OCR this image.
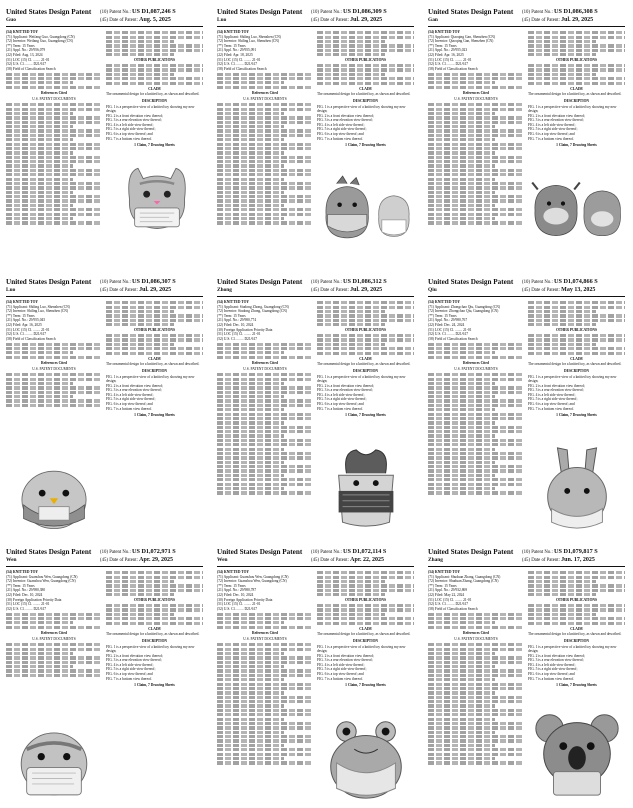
United States Design Patent
Guo
(10) Patent No.: US D1,087,246 S
(45) Date of Patent: Aug. 5, 2025
(54) KNITTED TOY
(71) Applicant: Weifang Guo, Guangdong (CN)
(72) Inventor: Weifang Guo, Guangdong (CN)
(**) Term: 15 Years
(21) Appl. No.: 29/956,079
(22) Filed: Aug. 13, 2024
(51) LOC (15) Cl. ........ 21-01
(52) U.S. Cl. ........ D21/617
(58) Field of Classification Search
References Cited
U.S. PATENT DOCUMENTS
OTHER PUBLICATIONS
CLAIM
The ornamental design for a knitted toy, as shown and described.
DESCRIPTION
FIG. 1 is a perspective view of a knitted toy showing my new design;
FIG. 2 is a front elevation view thereof;
FIG. 3 is a rear elevation view thereof;
FIG. 4 is a left side view thereof;
FIG. 5 is a right side view thereof;
FIG. 6 is a top view thereof; and
FIG. 7 is a bottom view thereof.
1 Claim, 7 Drawing Sheets
United States Design Patent
Luo
(10) Patent No.: US D1,086,309 S
(45) Date of Patent: Jul. 29, 2025
(54) KNITTED TOY
(71) Applicant: Shiling Luo, Shenzhen (CN)
(72) Inventor: Shiling Luo, Shenzhen (CN)
(**) Term: 15 Years
(21) Appl. No.: 29/955,091
(22) Filed: Apr. 18, 2025
(51) LOC (15) Cl. ........ 21-01
(52) U.S. Cl. ........ D21/617
(58) Field of Classification Search
References Cited
U.S. PATENT DOCUMENTS
OTHER PUBLICATIONS
CLAIM
The ornamental design for a knitted toy, as shown and described.
DESCRIPTION
FIG. 1 is a perspective view of a knitted toy showing my new design;
FIG. 2 is a front elevation view thereof;
FIG. 3 is a rear elevation view thereof;
FIG. 4 is a left side view thereof;
FIG. 5 is a right side view thereof;
FIG. 6 is a top view thereof; and
FIG. 7 is a bottom view thereof.
1 Claim, 7 Drawing Sheets
United States Design Patent
Gan
(10) Patent No.: US D1,086,308 S
(45) Date of Patent: Jul. 29, 2025
(54) KNITTED TOY
(71) Applicant: Qiaoqing Gan, Shenzhen (CN)
(72) Inventor: Qiaoqing Gan, Shenzhen (CN)
(**) Term: 15 Years
(21) Appl. No.: 29/955,023
(22) Filed: Apr. 16, 2025
(51) LOC (15) Cl. ........ 21-01
(52) U.S. Cl. ........ D21/617
(58) Field of Classification Search
References Cited
U.S. PATENT DOCUMENTS
OTHER PUBLICATIONS
CLAIM
The ornamental design for a knitted toy, as shown and described.
DESCRIPTION
FIG. 1 is a perspective view of a knitted toy showing my new design;
FIG. 2 is a front elevation view thereof;
FIG. 3 is a rear elevation view thereof;
FIG. 4 is a left side view thereof;
FIG. 5 is a right side view thereof;
FIG. 6 is a top view thereof; and
FIG. 7 is a bottom view thereof.
1 Claim, 7 Drawing Sheets
United States Design Patent
Luo
(10) Patent No.: US D1,086,307 S
(45) Date of Patent: Jul. 29, 2025
(54) KNITTED TOY
(71) Applicant: Shiling Luo, Shenzhen (CN)
(72) Inventor: Shiling Luo, Shenzhen (CN)
(**) Term: 15 Years
(21) Appl. No.: 29/955,045
(22) Filed: Apr. 16, 2025
(51) LOC (15) Cl. ........ 21-01
(52) U.S. Cl. ........ D21/617
(58) Field of Classification Search
References Cited
U.S. PATENT DOCUMENTS
OTHER PUBLICATIONS
CLAIM
The ornamental design for a knitted toy, as shown and described.
DESCRIPTION
FIG. 1 is a perspective view of a knitted toy showing my new design;
FIG. 2 is a front elevation view thereof;
FIG. 3 is a rear elevation view thereof;
FIG. 4 is a left side view thereof;
FIG. 5 is a right side view thereof;
FIG. 6 is a top view thereof; and
FIG. 7 is a bottom view thereof.
1 Claim, 7 Drawing Sheets
United States Design Patent
Zhong
(10) Patent No.: US D1,086,312 S
(45) Date of Patent: Jul. 29, 2025
(54) KNITTED TOY
(71) Applicant: Siudong Zhong, Guangdong (CN)
(72) Inventor: Siudong Zhong, Guangdong (CN)
(**) Term: 15 Years
(21) Appl. No.: 29/980,774
(22) Filed: Dec. 10, 2024
(30) Foreign Application Priority Data
(51) LOC (15) Cl. ........ 21-01
(52) U.S. Cl. ........ D21/617
References Cited
U.S. PATENT DOCUMENTS
OTHER PUBLICATIONS
CLAIM
The ornamental design for a knitted toy, as shown and described.
DESCRIPTION
FIG. 1 is a perspective view of a knitted toy showing my new design;
FIG. 2 is a front elevation view thereof;
FIG. 3 is a rear elevation view thereof;
FIG. 4 is a left side view thereof;
FIG. 5 is a right side view thereof;
FIG. 6 is a top view thereof; and
FIG. 7 is a bottom view thereof.
1 Claim, 7 Drawing Sheets
United States Design Patent
Qiu
(10) Patent No.: US D1,074,866 S
(45) Date of Patent: May 13, 2025
(54) KNITTED TOY
(71) Applicant: Zhongchao Qiu, Guangdong (CN)
(72) Inventor: Zhongchao Qiu, Guangdong (CN)
(**) Term: 15 Years
(21) Appl. No.: 29/980,767
(22) Filed: Dec. 24, 2024
(51) LOC (15) Cl. ........ 21-01
(52) U.S. Cl. ........ D21/617
(58) Field of Classification Search
References Cited
U.S. PATENT DOCUMENTS
OTHER PUBLICATIONS
CLAIM
The ornamental design for a knitted toy, as shown and described.
DESCRIPTION
FIG. 1 is a perspective view of a knitted toy showing my new design;
FIG. 2 is a front elevation view thereof;
FIG. 3 is a rear elevation view thereof;
FIG. 4 is a left side view thereof;
FIG. 5 is a right side view thereof;
FIG. 6 is a top view thereof; and
FIG. 7 is a bottom view thereof.
1 Claim, 7 Drawing Sheets
United States Design Patent
Wen
(10) Patent No.: US D1,072,971 S
(45) Date of Patent: Apr. 29, 2025
(54) KNITTED TOY
(71) Applicant: Guanshou Wen, Guangdong (CN)
(72) Inventor: Guanshou Wen, Guangdong (CN)
(**) Term: 15 Years
(21) Appl. No.: 29/980,380
(22) Filed: Dec. 10, 2024
(30) Foreign Application Priority Data
(51) LOC (15) Cl. ........ 21-01
(52) U.S. Cl. ........ D21/617
References Cited
U.S. PATENT DOCUMENTS
OTHER PUBLICATIONS
CLAIM
The ornamental design for a knitted toy, as shown and described.
DESCRIPTION
FIG. 1 is a perspective view of a knitted toy showing my new design;
FIG. 2 is a front elevation view thereof;
FIG. 3 is a rear elevation view thereof;
FIG. 4 is a left side view thereof;
FIG. 5 is a right side view thereof;
FIG. 6 is a top view thereof; and
FIG. 7 is a bottom view thereof.
1 Claim, 7 Drawing Sheets
United States Design Patent
Wen
(10) Patent No.: US D1,072,114 S
(45) Date of Patent: Apr. 22, 2025
(54) KNITTED TOY
(71) Applicant: Guanshou Wen, Guangdong (CN)
(72) Inventor: Guanshou Wen, Guangdong (CN)
(**) Term: 15 Years
(21) Appl. No.: 29/980,787
(22) Filed: Dec. 10, 2024
(30) Foreign Application Priority Data
(51) LOC (15) Cl. ........ 21-01
(52) U.S. Cl. ........ D21/617
References Cited
U.S. PATENT DOCUMENTS
OTHER PUBLICATIONS
CLAIM
The ornamental design for a knitted toy, as shown and described.
DESCRIPTION
FIG. 1 is a perspective view of a knitted toy showing my new design;
FIG. 2 is a front elevation view thereof;
FIG. 3 is a rear elevation view thereof;
FIG. 4 is a left side view thereof;
FIG. 5 is a right side view thereof;
FIG. 6 is a top view thereof; and
FIG. 7 is a bottom view thereof.
1 Claim, 7 Drawing Sheets
United States Design Patent
Zhang
(10) Patent No.: US D1,079,817 S
(45) Date of Patent: Jun. 17, 2025
(54) KNITTED TOY
(71) Applicant: Shuduan Zhang, Guangdong (CN)
(72) Inventor: Shuduan Zhang, Guangdong (CN)
(**) Term: 15 Years
(21) Appl. No.: 29/932,869
(22) Filed: May 22, 2024
(51) LOC (15) Cl. ........ 21-01
(52) U.S. Cl. ........ D21/617
(58) Field of Classification Search
References Cited
U.S. PATENT DOCUMENTS
OTHER PUBLICATIONS
CLAIM
The ornamental design for a knitted toy, as shown and described.
DESCRIPTION
FIG. 1 is a perspective view of a knitted toy showing my new design;
FIG. 2 is a front elevation view thereof;
FIG. 3 is a rear elevation view thereof;
FIG. 4 is a left side view thereof;
FIG. 5 is a right side view thereof;
FIG. 6 is a top view thereof; and
FIG. 7 is a bottom view thereof.
1 Claim, 7 Drawing Sheets
